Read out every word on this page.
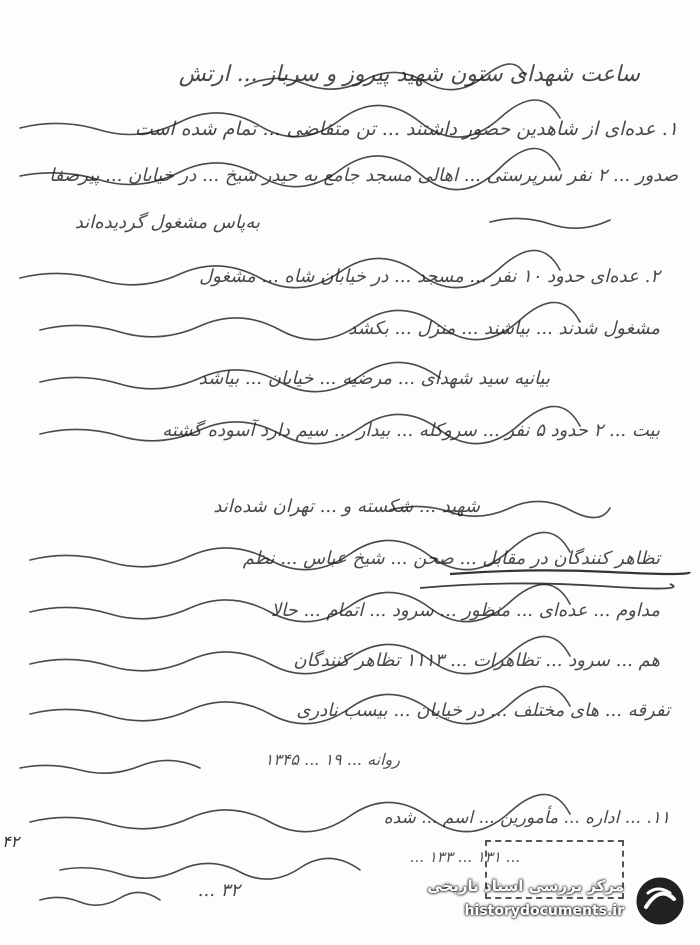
ساعت شهدای ستون شهید پیروز و سرباز ... ارتش
۱. عده‌ای از شاهدین حضور داشتند ... تن متقاضی ... تمام شده است
صدور ... ۲ نفر سرپرستی ... اهالی مسجد جامع به حیدر شیخ ... در خیابان ... پیرصفا
به‌پاس مشغول گردیده‌اند
۲. عده‌ای حدود ۱۰ نفر ... مسجد ... در خیابان شاه ... مشغول
مشغول شدند ... بیاشند ... منزل ... بکشد
بیانیه سید شهدای ... مرضیه ... خیابان ... بیاشد
بیت ... ۲ حدود ۵ نفر ... سروکله ... بیدار ... سیم دارد آسوده گشته
شهید ... شکسته و ... تهران شده‌اند
تظاهر کنندگان در مقابل ... صحن ... شیخ عباس ... نظم
مداوم ... عده‌ای ... منظور ... سرود ... اتمام ... حالا
هم ... سرود ... تظاهرات ... ۱۱۱۳ تظاهر کنندگان
تفرقه ... های مختلف ... در خیابان ... بیسب نادری
روانه ... ۱۹ ... ۱۳۴۵
۱۱. ... اداره ... مأمورین ... اسم ... شده
... ۱۳۱ ... ۱۳۳ ...
۳۲ ...
۴۲
مرکز بررسی اسناد تاریخی
historydocuments.ir
